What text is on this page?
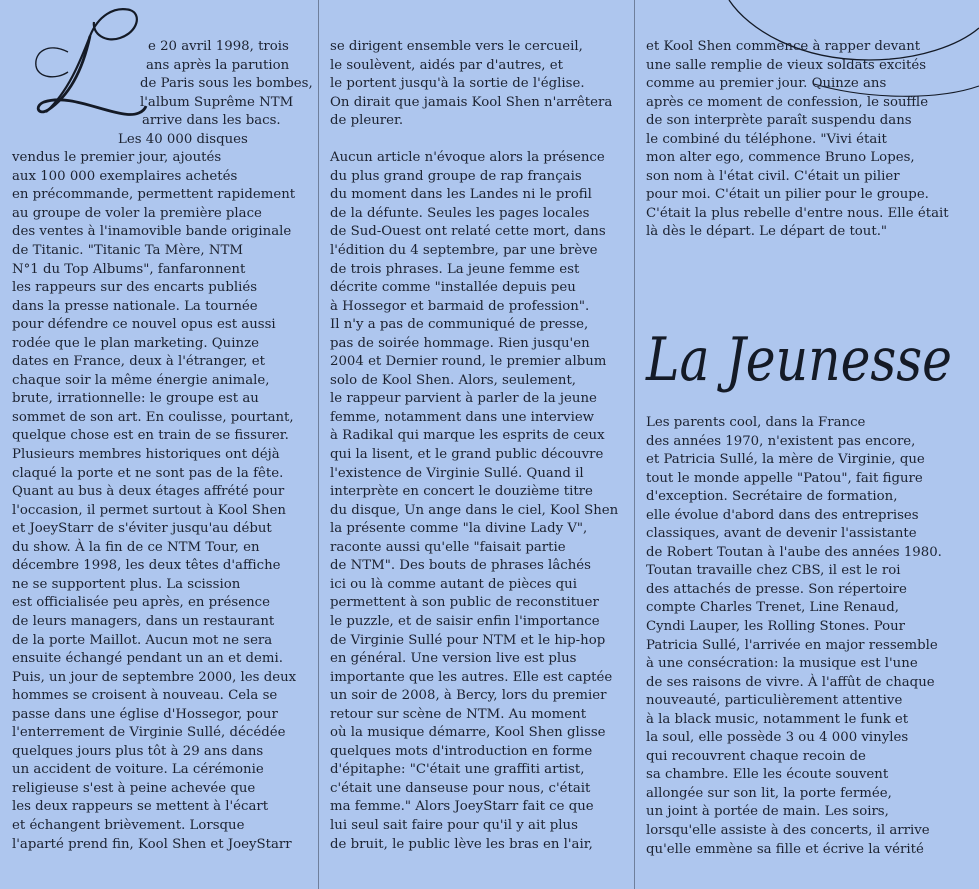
L
e 20 avril 1998, trois
ans après la parution
de Paris sous les bombes,
l'album Suprême NTM
arrive dans les bacs.
Les 40 000 disques
vendus le premier jour, ajoutés
aux 100 000 exemplaires achetés
en précommande, permettent rapidement
au groupe de voler la première place
des ventes à l'inamovible bande originale
de Titanic. "Titanic Ta Mère, NTM
N°1 du Top Albums", fanfaronnent
les rappeurs sur des encarts publiés
dans la presse nationale. La tournée
pour défendre ce nouvel opus est aussi
rodée que le plan marketing. Quinze
dates en France, deux à l'étranger, et
chaque soir la même énergie animale,
brute, irrationnelle: le groupe est au
sommet de son art. En coulisse, pourtant,
quelque chose est en train de se fissurer.
Plusieurs membres historiques ont déjà
claqué la porte et ne sont pas de la fête.
Quant au bus à deux étages affrété pour
l'occasion, il permet surtout à Kool Shen
et JoeyStarr de s'éviter jusqu'au début
du show. À la fin de ce NTM Tour, en
décembre 1998, les deux têtes d'affiche
ne se supportent plus. La scission
est officialisée peu après, en présence
de leurs managers, dans un restaurant
de la porte Maillot. Aucun mot ne sera
ensuite échangé pendant un an et demi.
Puis, un jour de septembre 2000, les deux
hommes se croisent à nouveau. Cela se
passe dans une église d'Hossegor, pour
l'enterrement de Virginie Sullé, décédée
quelques jours plus tôt à 29 ans dans
un accident de voiture. La cérémonie
religieuse s'est à peine achevée que
les deux rappeurs se mettent à l'écart
et échangent brièvement. Lorsque
l'aparté prend fin, Kool Shen et JoeyStarr
se dirigent ensemble vers le cercueil,
le soulèvent, aidés par d'autres, et
le portent jusqu'à la sortie de l'église.
On dirait que jamais Kool Shen n'arrêtera
de pleurer.
Aucun article n'évoque alors la présence
du plus grand groupe de rap français
du moment dans les Landes ni le profil
de la défunte. Seules les pages locales
de Sud-Ouest ont relaté cette mort, dans
l'édition du 4 septembre, par une brève
de trois phrases. La jeune femme est
décrite comme "installée depuis peu
à Hossegor et barmaid de profession".
Il n'y a pas de communiqué de presse,
pas de soirée hommage. Rien jusqu'en
2004 et Dernier round, le premier album
solo de Kool Shen. Alors, seulement,
le rappeur parvient à parler de la jeune
femme, notamment dans une interview
à Radikal qui marque les esprits de ceux
qui la lisent, et le grand public découvre
l'existence de Virginie Sullé. Quand il
interprète en concert le douzième titre
du disque, Un ange dans le ciel, Kool Shen
la présente comme "la divine Lady V",
raconte aussi qu'elle "faisait partie
de NTM". Des bouts de phrases lâchés
ici ou là comme autant de pièces qui
permettent à son public de reconstituer
le puzzle, et de saisir enfin l'importance
de Virginie Sullé pour NTM et le hip-hop
en général. Une version live est plus
importante que les autres. Elle est captée
un soir de 2008, à Bercy, lors du premier
retour sur scène de NTM. Au moment
où la musique démarre, Kool Shen glisse
quelques mots d'introduction en forme
d'épitaphe: "C'était une graffiti artist,
c'était une danseuse pour nous, c'était
ma femme." Alors JoeyStarr fait ce que
lui seul sait faire pour qu'il y ait plus
de bruit, le public lève les bras en l'air,
et Kool Shen commence à rapper devant
une salle remplie de vieux soldats excités
comme au premier jour. Quinze ans
après ce moment de confession, le souffle
de son interprète paraît suspendu dans
le combiné du téléphone. "Vivi était
mon alter ego, commence Bruno Lopes,
son nom à l'état civil. C'était un pilier
pour moi. C'était un pilier pour le groupe.
C'était la plus rebelle d'entre nous. Elle était
là dès le départ. Le départ de tout."
La Jeunesse
Les parents cool, dans la France
des années 1970, n'existent pas encore,
et Patricia Sullé, la mère de Virginie, que
tout le monde appelle "Patou", fait figure
d'exception. Secrétaire de formation,
elle évolue d'abord dans des entreprises
classiques, avant de devenir l'assistante
de Robert Toutan à l'aube des années 1980.
Toutan travaille chez CBS, il est le roi
des attachés de presse. Son répertoire
compte Charles Trenet, Line Renaud,
Cyndi Lauper, les Rolling Stones. Pour
Patricia Sullé, l'arrivée en major ressemble
à une consécration: la musique est l'une
de ses raisons de vivre. À l'affût de chaque
nouveauté, particulièrement attentive
à la black music, notamment le funk et
la soul, elle possède 3 ou 4 000 vinyles
qui recouvrent chaque recoin de
sa chambre. Elle les écoute souvent
allongée sur son lit, la porte fermée,
un joint à portée de main. Les soirs,
lorsqu'elle assiste à des concerts, il arrive
qu'elle emmène sa fille et écrive la vérité
